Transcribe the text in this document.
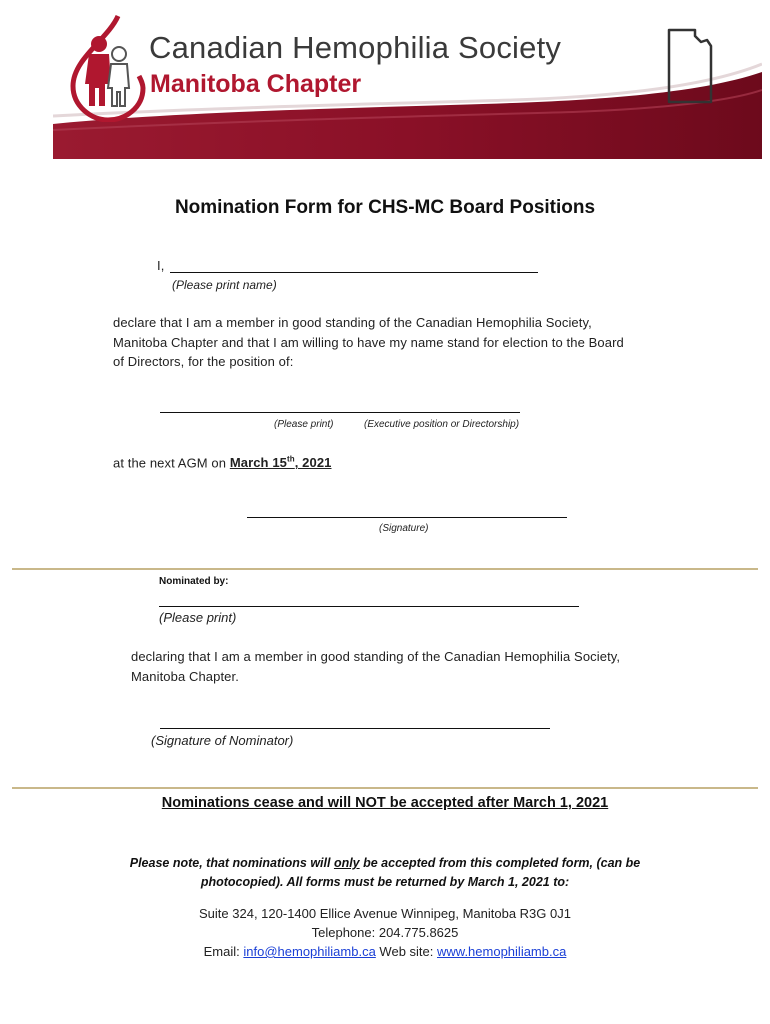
Canadian Hemophilia Society
Manitoba Chapter
Nomination Form for CHS-MC Board Positions
I,
(Please print name)
declare that I am a member in good standing of the Canadian Hemophilia Society,
Manitoba Chapter and that I am willing to have my name stand for election to the Board
of Directors, for the position of:
(Please print)	(Executive position or Directorship)
at the next AGM on March 15th, 2021
(Signature)
Nominated by:
(Please print)
declaring that I am a member in good standing of the Canadian Hemophilia Society,
Manitoba Chapter.
(Signature of Nominator)
Nominations cease and will NOT be accepted after March 1, 2021
Please note, that nominations will only be accepted from this completed form, (can be
photocopied). All forms must be returned by March 1, 2021 to:
Suite 324, 120-1400 Ellice Avenue Winnipeg, Manitoba R3G 0J1
Telephone: 204.775.8625
Email: info@hemophiliamb.ca Web site: www.hemophiliamb.ca
